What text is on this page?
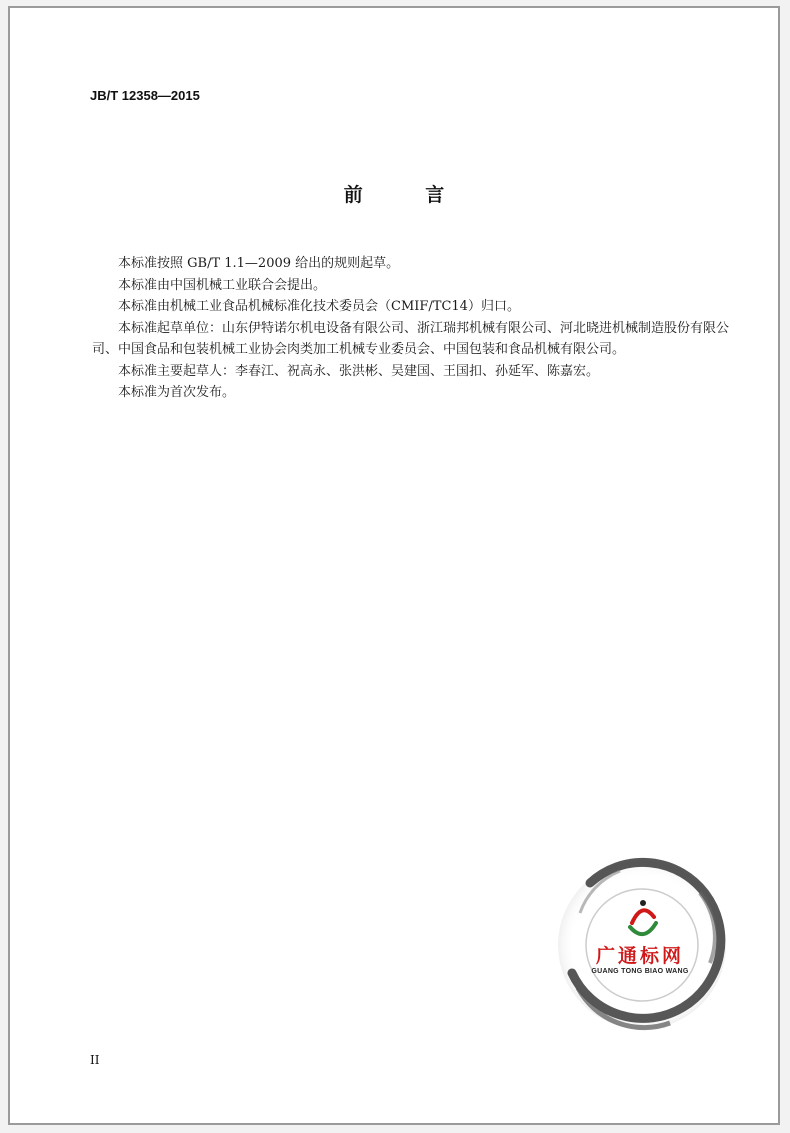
JB/T 12358—2015
前 言

本标准按照 GB/T 1.1—2009 给出的规则起草。

本标准由中国机械工业联合会提出。

本标准由机械工业食品机械标准化技术委员会（CMIF/TC14）归口。

本标准起草单位：山东伊特诺尔机电设备有限公司、浙江瑞邦机械有限公司、河北晓进机械制造股份有限公司、中国食品和包装机械工业协会肉类加工机械专业委员会、中国包装和食品机械有限公司。

本标准主要起草人：李春江、祝高永、张洪彬、吴建国、王国扣、孙延军、陈嘉宏。

本标准为首次发布。

广通标网
GUANG TONG BIAO WANG
II
